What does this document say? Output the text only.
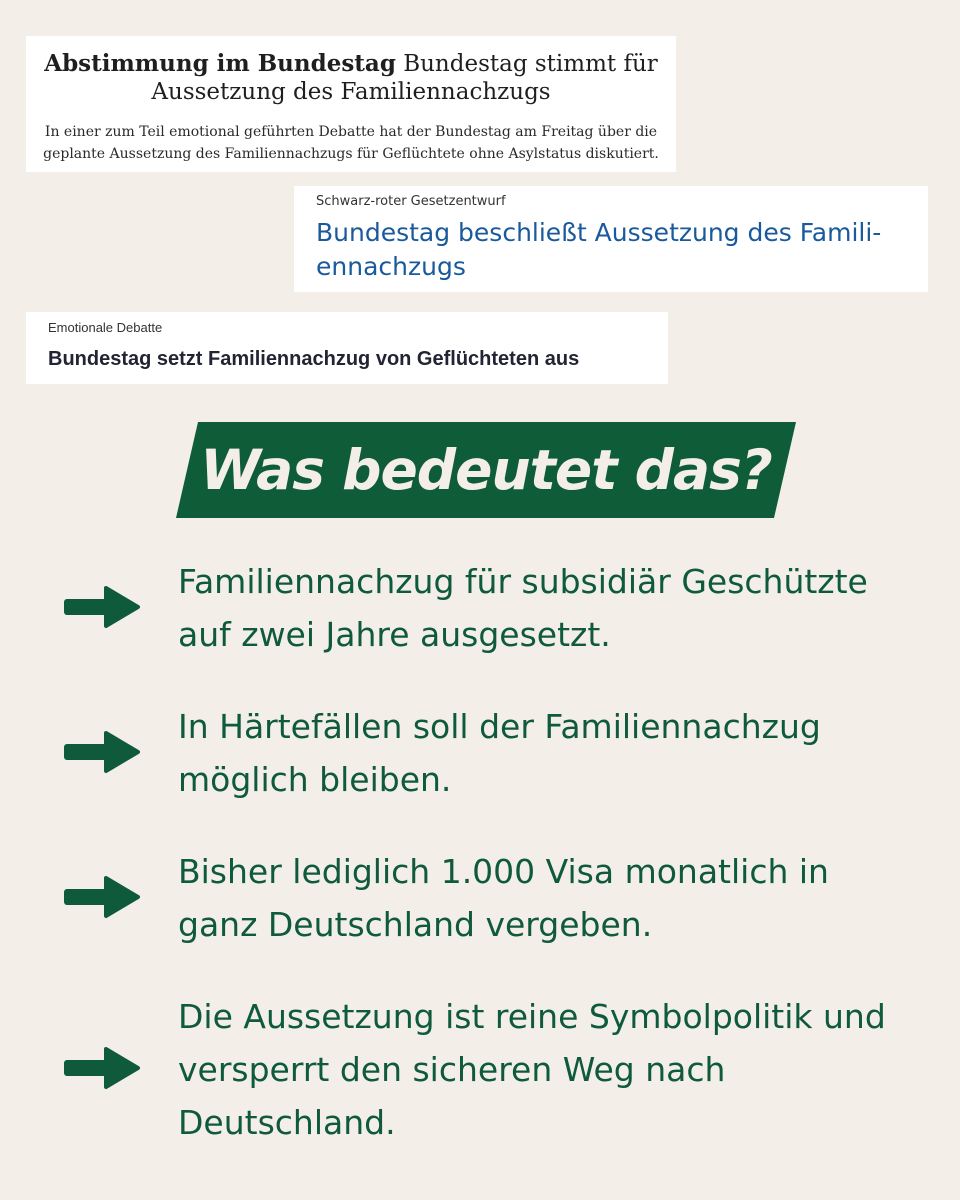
Abstimmung im Bundestag Bundestag stimmt für Aussetzung des Familiennachzugs
In einer zum Teil emotional geführten Debatte hat der Bundestag am Freitag über die geplante Aussetzung des Familiennachzugs für Geflüchtete ohne Asylstatus diskutiert.
Schwarz-roter Gesetzentwurf
Bundestag beschließt Aussetzung des Famili-ennachzugs
Emotionale Debatte
Bundestag setzt Familiennachzug von Geflüchteten aus
Was bedeutet das?
Familiennachzug für subsidiär Geschützte auf zwei Jahre ausgesetzt.
In Härtefällen soll der Familiennachzug möglich bleiben.
Bisher lediglich 1.000 Visa monatlich in ganz Deutschland vergeben.
Die Aussetzung ist reine Symbolpolitik und versperrt den sicheren Weg nach Deutschland.
